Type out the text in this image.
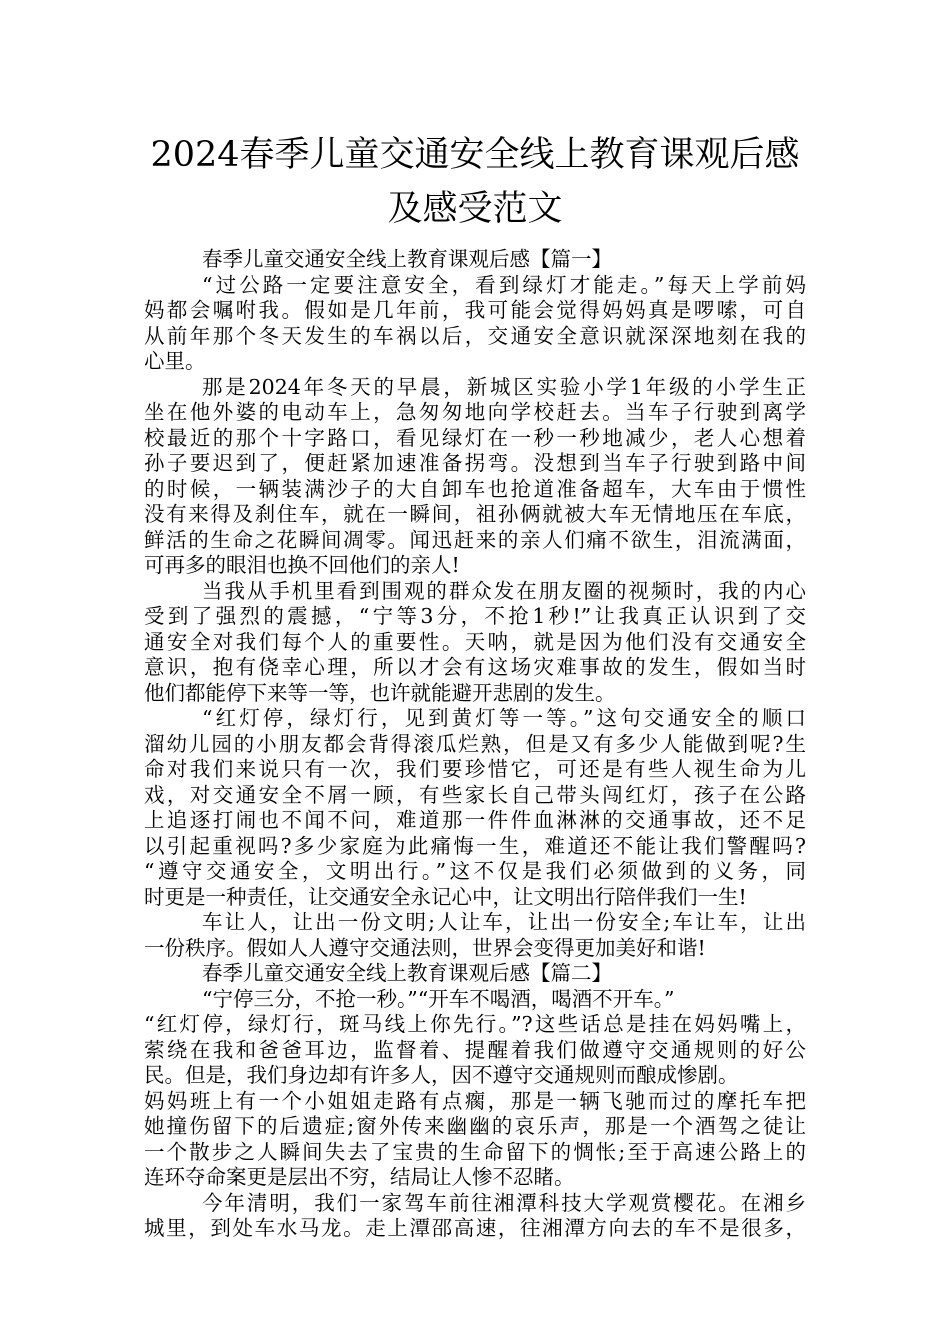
2024春季儿童交通安全线上教育课观后感
及感受范文
春季儿童交通安全线上教育课观后感【篇一】
“过公路一定要注意安全，看到绿灯才能走。”每天上学前妈
妈都会嘱咐我。假如是几年前，我可能会觉得妈妈真是啰嗦，可自
从前年那个冬天发生的车祸以后，交通安全意识就深深地刻在我的
心里。
那是2024年冬天的早晨，新城区实验小学1年级的小学生正
坐在他外婆的电动车上，急匆匆地向学校赶去。当车子行驶到离学
校最近的那个十字路口，看见绿灯在一秒一秒地减少，老人心想着
孙子要迟到了，便赶紧加速准备拐弯。没想到当车子行驶到路中间
的时候，一辆装满沙子的大自卸车也抢道准备超车，大车由于惯性
没有来得及刹住车，就在一瞬间，祖孙俩就被大车无情地压在车底，
鲜活的生命之花瞬间凋零。闻迅赶来的亲人们痛不欲生，泪流满面，
可再多的眼泪也换不回他们的亲人!
当我从手机里看到围观的群众发在朋友圈的视频时，我的内心
受到了强烈的震撼，“宁等3分，不抢1秒!”让我真正认识到了交
通安全对我们每个人的重要性。天呐，就是因为他们没有交通安全
意识，抱有侥幸心理，所以才会有这场灾难事故的发生，假如当时
他们都能停下来等一等，也许就能避开悲剧的发生。
“红灯停，绿灯行，见到黄灯等一等。”这句交通安全的顺口
溜幼儿园的小朋友都会背得滚瓜烂熟，但是又有多少人能做到呢?生
命对我们来说只有一次，我们要珍惜它，可还是有些人视生命为儿
戏，对交通安全不屑一顾，有些家长自己带头闯红灯，孩子在公路
上追逐打闹也不闻不问，难道那一件件血淋淋的交通事故，还不足
以引起重视吗?多少家庭为此痛悔一生，难道还不能让我们警醒吗?
“遵守交通安全，文明出行。”这不仅是我们必须做到的义务，同
时更是一种责任，让交通安全永记心中，让文明出行陪伴我们一生!
车让人，让出一份文明;人让车，让出一份安全;车让车，让出
一份秩序。假如人人遵守交通法则，世界会变得更加美好和谐!
春季儿童交通安全线上教育课观后感【篇二】
“宁停三分，不抢一秒。”“开车不喝酒，喝酒不开车。”
“红灯停，绿灯行，斑马线上你先行。”?这些话总是挂在妈妈嘴上，
萦绕在我和爸爸耳边，监督着、提醒着我们做遵守交通规则的好公
民。但是，我们身边却有许多人，因不遵守交通规则而酿成惨剧。
妈妈班上有一个小姐姐走路有点瘸，那是一辆飞驰而过的摩托车把
她撞伤留下的后遗症;窗外传来幽幽的哀乐声，那是一个酒驾之徒让
一个散步之人瞬间失去了宝贵的生命留下的惆怅;至于高速公路上的
连环夺命案更是层出不穷，结局让人惨不忍睹。
今年清明，我们一家驾车前往湘潭科技大学观赏樱花。在湘乡
城里，到处车水马龙。走上潭邵高速，往湘潭方向去的车不是很多，
